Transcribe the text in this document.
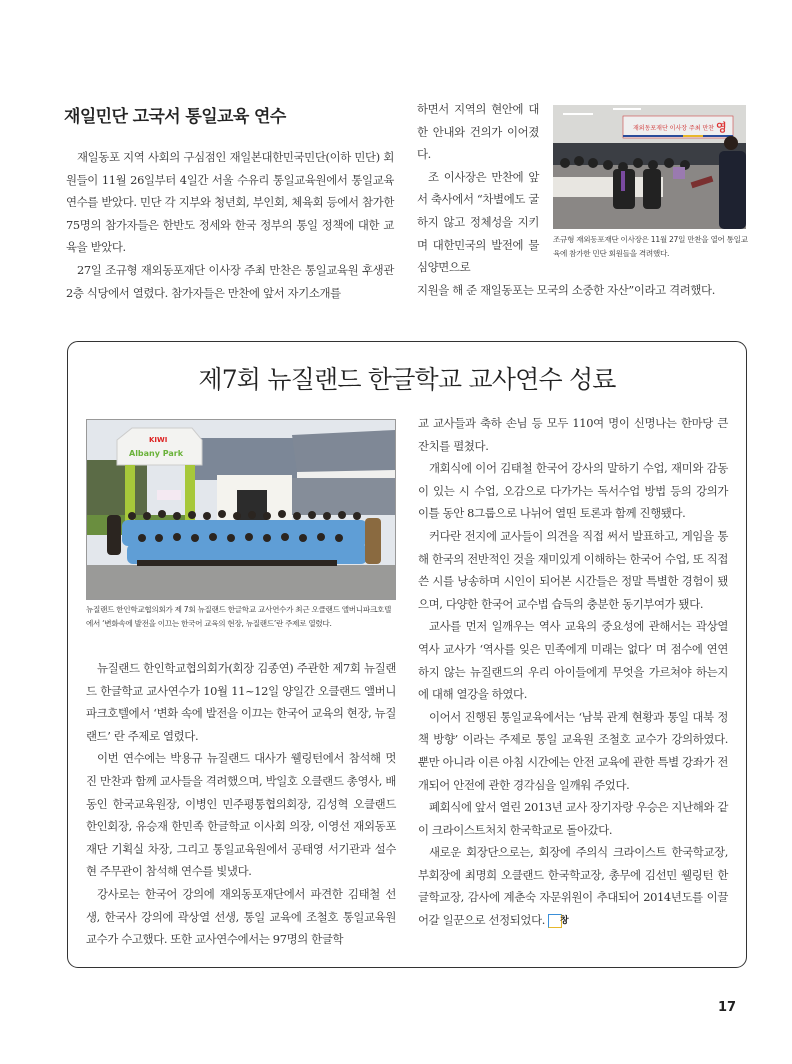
재일민단 고국서 통일교육 연수

재일동포 지역 사회의 구심점인 재일본대한민국민단(이하 민단) 회원들이 11월 26일부터 4일간 서울 수유리 통일교육원에서 통일교육 연수를 받았다. 민단 각 지부와 청년회, 부인회, 체육회 등에서 참가한 75명의 참가자들은 한반도 정세와 한국 정부의 통일 정책에 대한 교육을 받았다.

27일 조규형 재외동포재단 이사장 주최 만찬은 통일교육원 후생관 2층 식당에서 열렸다. 참가자들은 만찬에 앞서 자기소개를

하면서 지역의 현안에 대한 안내와 건의가 이어졌다.

조 이사장은 만찬에 앞서 축사에서 “차별에도 굴하지 않고 정체성을 지키며 대한민국의 발전에 물심양면으로

재외동포재단 이사장 주최 만찬 영
조규형 재외동포재단 이사장은 11월 27일 만찬을 열어 통일교육에 참가한 민단 회원들을 격려했다.

지원을 해 준 재일동포는 모국의 소중한 자산”이라고 격려했다.

제7회 뉴질랜드 한글학교 교사연수 성료
KIWI
Albany Park
뉴질랜드 한인학교협의회가 제 7회 뉴질랜드 한글학교 교사연수가 최근 오클랜드 앨버니파크호텔에서 ‘변화속에 발전을 이끄는 한국어 교육의 현장, 뉴질랜드’란 주제로 열렸다.

뉴질랜드 한인학교협의회가(회장 김종연) 주관한 제7회 뉴질랜드 한글학교 교사연수가 10월 11~12일 양일간 오클랜드 앨버니파크호텔에서 ‘변화 속에 발전을 이끄는 한국어 교육의 현장, 뉴질랜드’ 란 주제로 열렸다.

이번 연수에는 박용규 뉴질랜드 대사가 웰링턴에서 참석해 멋진 만찬과 함께 교사들을 격려했으며, 박일호 오클랜드 총영사, 배동인 한국교육원장, 이병인 민주평통협의회장, 김성혁 오클랜드 한인회장, 유승재 한민족 한글학교 이사회 의장, 이영선 재외동포재단 기획실 차장, 그리고 통일교육원에서 공태영 서기관과 설수현 주무관이 참석해 연수를 빛냈다.

강사로는 한국어 강의에 재외동포재단에서 파견한 김태철 선생, 한국사 강의에 곽상열 선생, 통일 교육에 조철호 통일교육원 교수가 수고했다. 또한 교사연수에서는 97명의 한글학

교 교사들과 축하 손님 등 모두 110여 명이 신명나는 한마당 큰 잔치를 펼쳤다.

개회식에 이어 김태철 한국어 강사의 말하기 수업, 재미와 감동이 있는 시 수업, 오감으로 다가가는 독서수업 방법 등의 강의가 이틀 동안 8그룹으로 나뉘어 열띤 토론과 함께 진행됐다.

커다란 전지에 교사들이 의견을 직접 써서 발표하고, 게임을 통해 한국의 전반적인 것을 재미있게 이해하는 한국어 수업, 또 직접 쓴 시를 낭송하며 시인이 되어본 시간들은 정말 특별한 경험이 됐으며, 다양한 한국어 교수법 습득의 충분한 동기부여가 됐다.

교사를 먼저 일깨우는 역사 교육의 중요성에 관해서는 곽상열 역사 교사가 ‘역사를 잊은 민족에게 미래는 없다’ 며 점수에 연연하지 않는 뉴질랜드의 우리 아이들에게 무엇을 가르쳐야 하는지에 대해 열강을 하였다.

이어서 진행된 통일교육에서는 ‘남북 관계 현황과 통일 대북 정책 방향’ 이라는 주제로 통일 교육원 조철호 교수가 강의하였다. 뿐만 아니라 이른 아침 시간에는 안전 교육에 관한 특별 강좌가 전개되어 안전에 관한 경각심을 일깨워 주었다.

폐회식에 앞서 열린 2013년 교사 장기자랑 우승은 지난해와 같이 크라이스트처치 한국학교로 돌아갔다.

새로운 회장단으로는, 회장에 주의식 크라이스트 한국학교장, 부회장에 최명희 오클랜드 한국학교장, 총무에 김선민 웰링턴 한글학교장, 감사에 계춘숙 자문위원이 추대되어 2014년도를 이끌어갈 일꾼으로 선정되었다. 창

17
